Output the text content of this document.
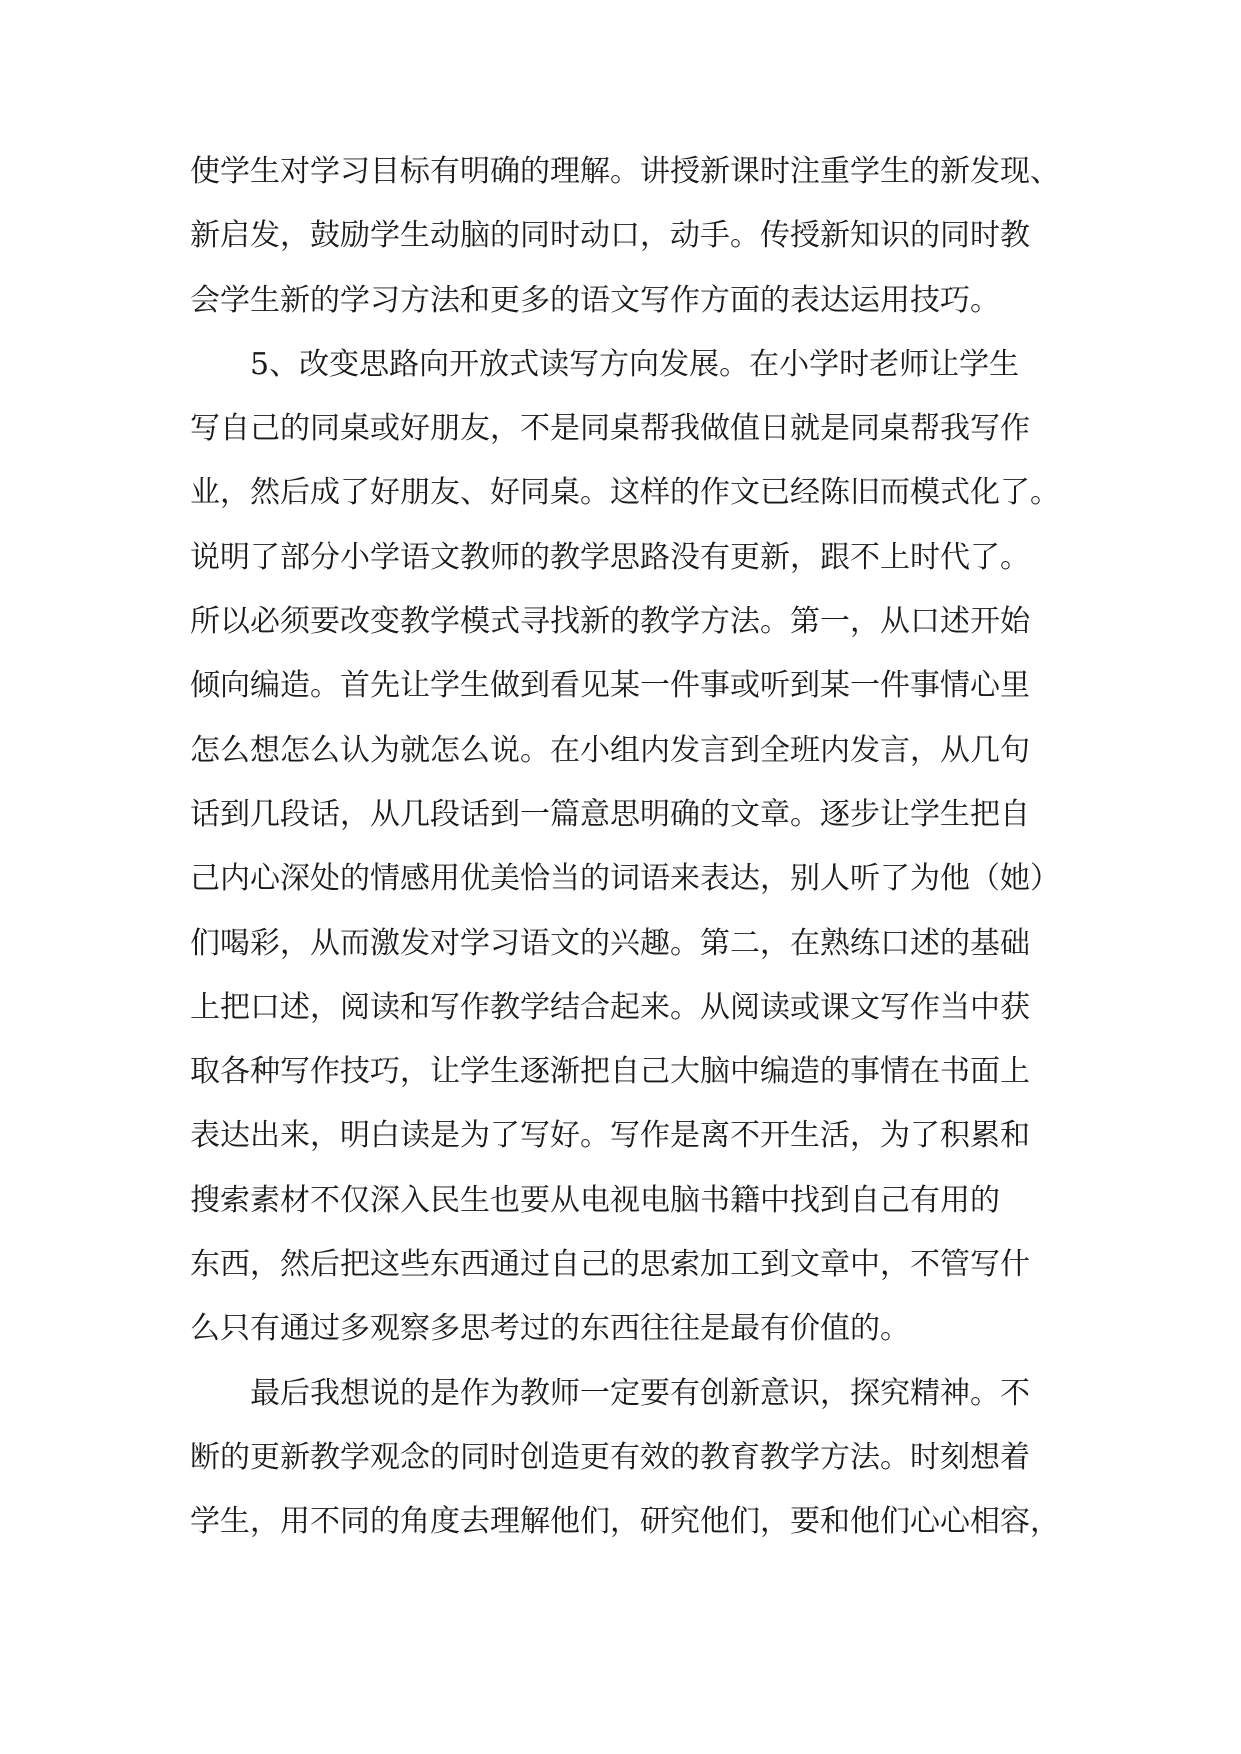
使学生对学习目标有明确的理解。讲授新课时注重学生的新发现、
新启发，鼓励学生动脑的同时动口，动手。传授新知识的同时教
会学生新的学习方法和更多的语文写作方面的表达运用技巧。
　　5、改变思路向开放式读写方向发展。在小学时老师让学生
写自己的同桌或好朋友，不是同桌帮我做值日就是同桌帮我写作
业，然后成了好朋友、好同桌。这样的作文已经陈旧而模式化了。
说明了部分小学语文教师的教学思路没有更新，跟不上时代了。
所以必须要改变教学模式寻找新的教学方法。第一，从口述开始
倾向编造。首先让学生做到看见某一件事或听到某一件事情心里
怎么想怎么认为就怎么说。在小组内发言到全班内发言，从几句
话到几段话，从几段话到一篇意思明确的文章。逐步让学生把自
己内心深处的情感用优美恰当的词语来表达，别人听了为他（她）
们喝彩，从而激发对学习语文的兴趣。第二，在熟练口述的基础
上把口述，阅读和写作教学结合起来。从阅读或课文写作当中获
取各种写作技巧，让学生逐渐把自己大脑中编造的事情在书面上
表达出来，明白读是为了写好。写作是离不开生活，为了积累和
搜索素材不仅深入民生也要从电视电脑书籍中找到自己有用的
东西，然后把这些东西通过自己的思索加工到文章中，不管写什
么只有通过多观察多思考过的东西往往是最有价值的。
　　最后我想说的是作为教师一定要有创新意识，探究精神。不
断的更新教学观念的同时创造更有效的教育教学方法。时刻想着
学生，用不同的角度去理解他们，研究他们，要和他们心心相容，
